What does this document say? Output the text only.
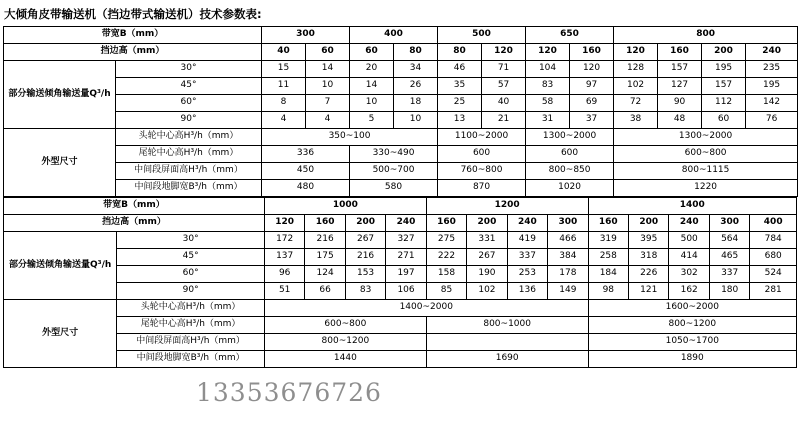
大倾角皮带输送机（挡边带式输送机）技术参数表:
带宽B（mm）		300		400		500		650		800			
挡边高（mm）		40	60	60	80	80	120	120	160	120	160	200	240
部分输送倾角输送量Q³/h	30°	15	14	20	34	46	71	104	120	128	157	195	235
	45°	11	10	14	26	35	57	83	97	102	127	157	195
	60°	8	7	10	18	25	40	58	69	72	90	112	142
	90°	4	4	5	10	13	21	31	37	38	48	60	76
外型尺寸	头轮中心高H³/h（mm）	350~100				1100~2000		1300~2000		1300~2000			
	尾轮中心高H³/h（mm）	336		330~490		600		600		600~800			
	中间段屏面高H³/h（mm）	450		500~700		760~800		800~850		800~1115			
	中间段地脚宽B³/h（mm）	480		580		870		1020		1220			
带宽B（mm）		1000				1200				1400				
挡边高（mm）		120	160	200	240	160	200	240	300	160	200	240	300	400
部分输送倾角输送量Q³/h	30°	172	216	267	327	275	331	419	466	319	395	500	564	784
	45°	137	175	216	271	222	267	337	384	258	318	414	465	680
	60°	96	124	153	197	158	190	253	178	184	226	302	337	524
	90°	51	66	83	106	85	102	136	149	98	121	162	180	281
外型尺寸	头轮中心高H³/h（mm）	1400~2000								1600~2000				
	尾轮中心高H³/h（mm）	600~800				800~1000				800~1200				
	中间段屏面高H³/h（mm）	800~1200								1050~1700				
	中间段地脚宽B³/h（mm）	1440				1690				1890				
13353676726
